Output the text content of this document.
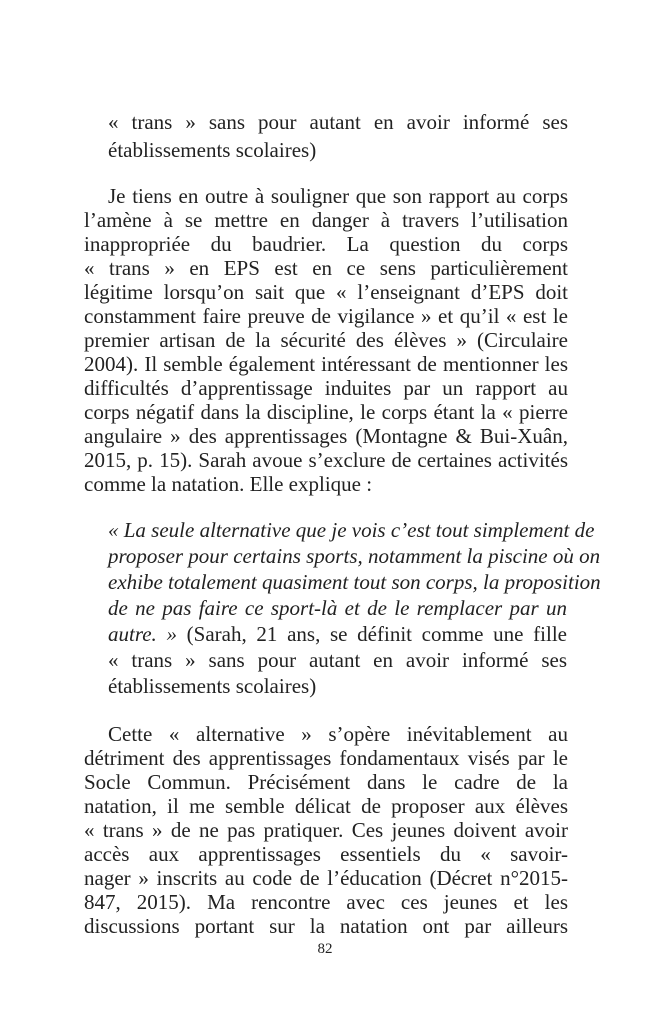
« trans » sans pour autant en avoir informé ses
établissements scolaires)
Je tiens en outre à souligner que son rapport au corps
l’amène à se mettre en danger à travers l’utilisation
inappropriée du baudrier. La question du corps
« trans » en EPS est en ce sens particulièrement
légitime lorsqu’on sait que « l’enseignant d’EPS doit
constamment faire preuve de vigilance » et qu’il « est le
premier artisan de la sécurité des élèves » (Circulaire
2004). Il semble également intéressant de mentionner les
difficultés d’apprentissage induites par un rapport au
corps négatif dans la discipline, le corps étant la « pierre
angulaire » des apprentissages (Montagne & Bui-Xuân,
2015, p. 15). Sarah avoue s’exclure de certaines activités
comme la natation. Elle explique :
« La seule alternative que je vois c’est tout simplement de
proposer pour certains sports, notamment la piscine où on
exhibe totalement quasiment tout son corps, la proposition
de ne pas faire ce sport-là et de le remplacer par un
autre. » (Sarah, 21 ans, se définit comme une fille
« trans » sans pour autant en avoir informé ses
établissements scolaires)
Cette « alternative » s’opère inévitablement au
détriment des apprentissages fondamentaux visés par le
Socle Commun. Précisément dans le cadre de la
natation, il me semble délicat de proposer aux élèves
« trans » de ne pas pratiquer. Ces jeunes doivent avoir
accès aux apprentissages essentiels du « savoir-
nager » inscrits au code de l’éducation (Décret n°2015-
847, 2015). Ma rencontre avec ces jeunes et les
discussions portant sur la natation ont par ailleurs
82
